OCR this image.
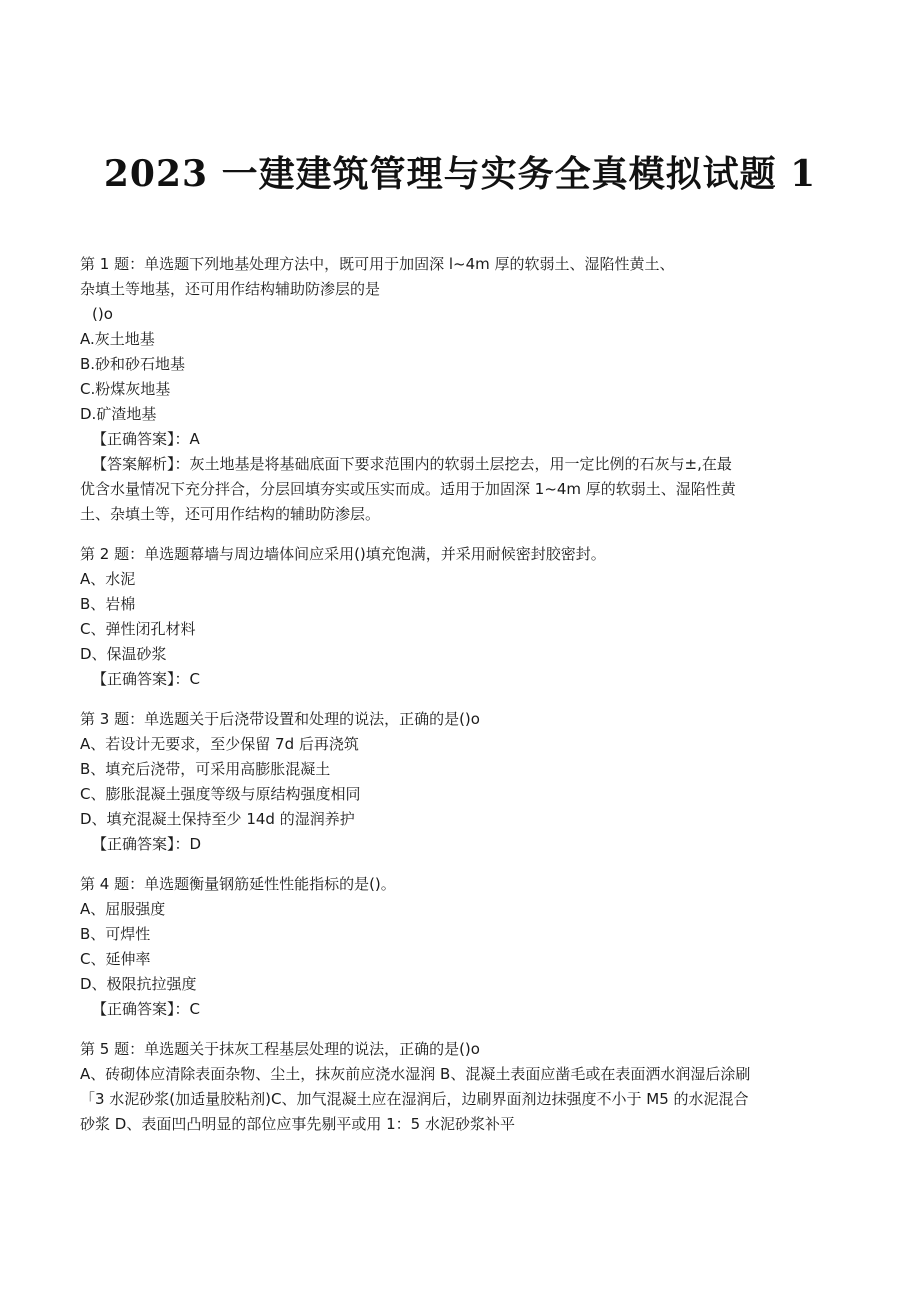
2023 一建建筑管理与实务全真模拟试题 1
第 1 题：单选题下列地基处理方法中，既可用于加固深 l~4m 厚的软弱土、湿陷性黄土、
杂填土等地基，还可用作结构辅助防渗层的是
()o
A.灰土地基
B.砂和砂石地基
C.粉煤灰地基
D.矿渣地基
【正确答案】：A
【答案解析】：灰土地基是将基础底面下要求范围内的软弱土层挖去，用一定比例的石灰与±,在最
优含水量情况下充分拌合，分层回填夯实或压实而成。适用于加固深 1~4m 厚的软弱土、湿陷性黄
土、杂填土等，还可用作结构的辅助防渗层。
第 2 题：单选题幕墙与周边墙体间应采用()填充饱满，并采用耐候密封胶密封。
A、水泥
B、岩棉
C、弹性闭孔材料
D、保温砂浆
【正确答案】：C
第 3 题：单选题关于后浇带设置和处理的说法，正确的是()o
A、若设计无要求，至少保留 7d 后再浇筑
B、填充后浇带，可采用高膨胀混凝土
C、膨胀混凝土强度等级与原结构强度相同
D、填充混凝土保持至少 14d 的湿润养护
【正确答案】：D
第 4 题：单选题衡量钢筋延性性能指标的是()。
A、屈服强度
B、可焊性
C、延伸率
D、极限抗拉强度
【正确答案】：C
第 5 题：单选题关于抹灰工程基层处理的说法，正确的是()o
A、砖砌体应清除表面杂物、尘土，抹灰前应浇水湿润 B、混凝土表面应凿毛或在表面洒水润湿后涂刷
「3 水泥砂浆(加适量胶粘剂)C、加气混凝土应在湿润后，边刷界面剂边抹强度不小于 M5 的水泥混合
砂浆 D、表面凹凸明显的部位应事先剔平或用 1：5 水泥砂浆补平
